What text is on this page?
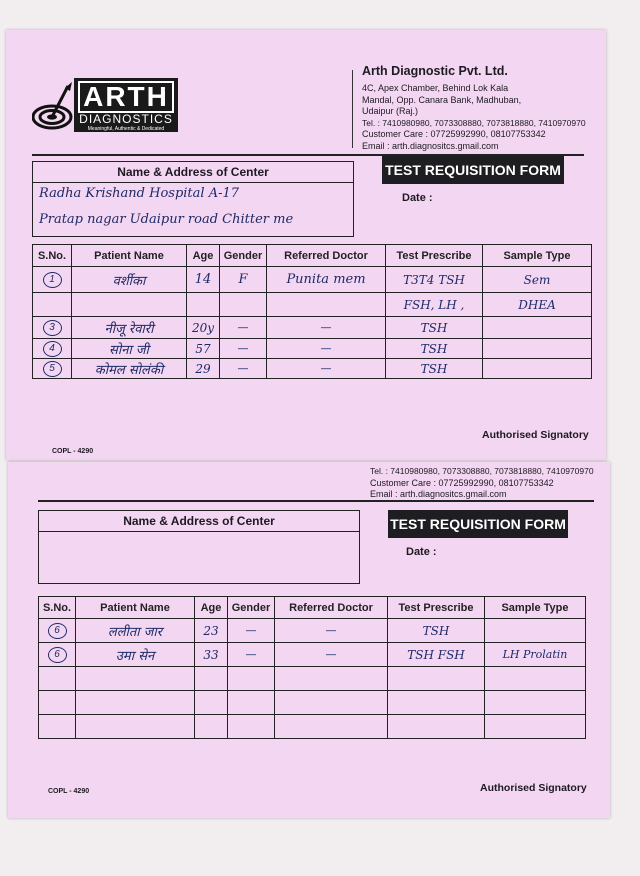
ARTH
DIAGNOSTICS
Meaningful, Authentic & Dedicated
Arth Diagnostic Pvt. Ltd.
4C, Apex Chamber, Behind Lok Kala
Mandal, Opp. Canara Bank, Madhuban,
Udaipur (Raj.)
Tel. : 7410980980, 7073308880, 7073818880, 7410970970
Customer Care : 07725992990, 08107753342
Email : arth.diagnositcs.gmail.com
Name & Address of Center
Radha Krishand Hospital A-17
Pratap nagar Udaipur road Chitter me
TEST REQUISITION FORM
Date :
S.No.	Patient Name	Age	Gender	Referred Doctor	Test Prescribe	Sample Type
1	वर्शीका	14	F	Punita mem	T3T4 TSH	Sem
					FSH, LH ,	DHEA
3	नीजू रेवारी	20y	—	—	TSH	
4	सोना जी	57	—	—	TSH	
5	कोमल सोलंकी	29	—	—	TSH	
Authorised Signatory
COPL - 4290
Tel. : 7410980980, 7073308880, 7073818880, 7410970970
Customer Care : 07725992990, 08107753342
Email : arth.diagnositcs.gmail.com
Name & Address of Center	TEST REQUISITION FORM
Date :
S.No.	Patient Name	Age	Gender	Referred Doctor	Test Prescribe	Sample Type
6	ललीता जार	23	—	—	TSH	
6	उमा सेन	33	—	—	TSH FSH	LH Prolatin

Authorised Signatory
COPL - 4290
